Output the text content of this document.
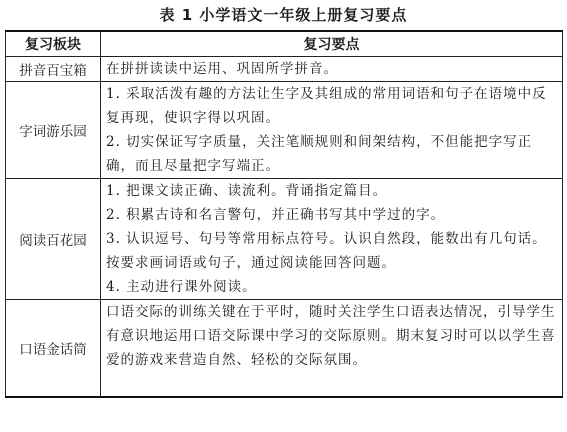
表 1 小学语文一年级上册复习要点
复习板块	复习要点
拼音百宝箱	在拼拼读读中运用、巩固所学拼音。

字词游乐园	1. 采取活泼有趣的方法让生字及其组成的常用词语和句子在语境中反复再现，使识字得以巩固。
2. 切实保证写字质量，关注笔顺规则和间架结构，不但能把字写正确，而且尽量把字写端正。

阅读百花园	1. 把课文读正确、读流利。背诵指定篇目。
2. 积累古诗和名言警句，并正确书写其中学过的字。
3. 认识逗号、句号等常用标点符号。认识自然段，能数出有几句话。按要求画词语或句子，通过阅读能回答问题。
4. 主动进行课外阅读。

口语金话筒	口语交际的训练关键在于平时，随时关注学生口语表达情况，引导学生有意识地运用口语交际课中学习的交际原则。期末复习时可以以学生喜爱的游戏来营造自然、轻松的交际氛围。
